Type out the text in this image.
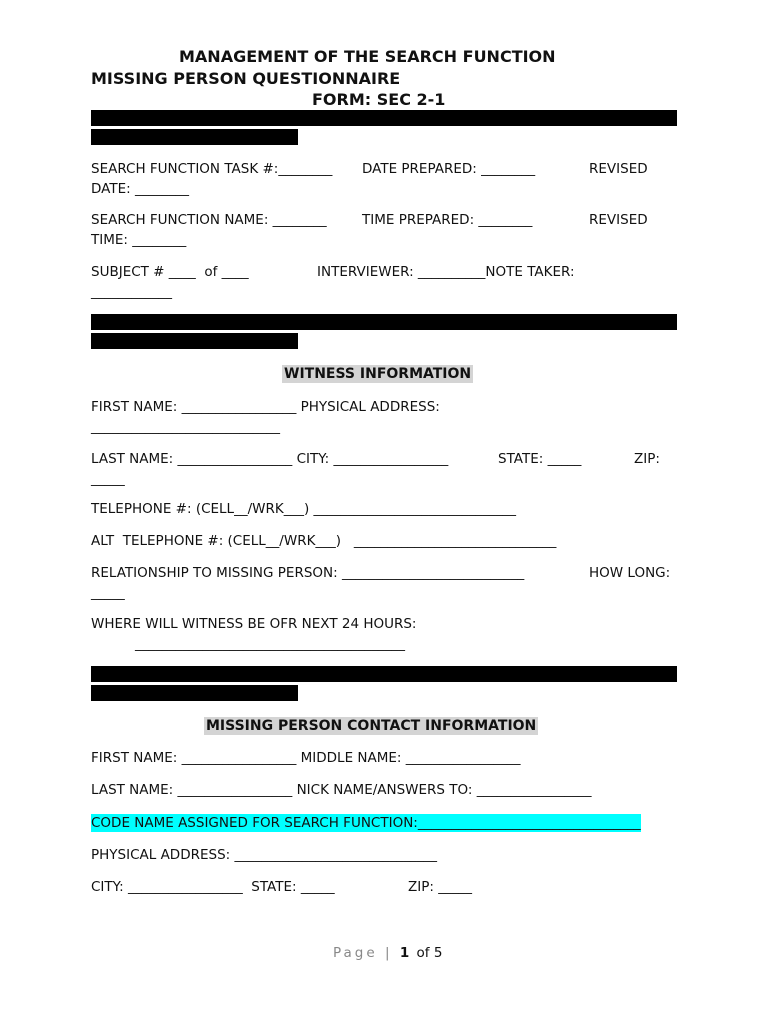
MANAGEMENT OF THE SEARCH FUNCTION
MISSING PERSON QUESTIONNAIRE
FORM: SEC 2-1
SEARCH FUNCTION TASK #:________ DATE PREPARED: ________	REVISED
DATE: ________
SEARCH FUNCTION NAME: ________	TIME PREPARED: ________	REVISED
TIME: ________
SUBJECT # ____  of ____	INTERVIEWER: __________NOTE TAKER:
____________
WITNESS INFORMATION
FIRST NAME: _________________ PHYSICAL ADDRESS:
____________________________
LAST NAME: _________________ CITY: _________________	STATE: _____	ZIP:
_____
TELEPHONE #: (CELL__/WRK___) ______________________________
ALT  TELEPHONE #: (CELL__/WRK___)   ______________________________
RELATIONSHIP TO MISSING PERSON: ___________________________	HOW LONG:
_____
WHERE WILL WITNESS BE OFR NEXT 24 HOURS:
________________________________________
MISSING PERSON CONTACT INFORMATION
FIRST NAME: _________________ MIDDLE NAME: _________________
LAST NAME: _________________ NICK NAME/ANSWERS TO: _________________
CODE NAME ASSIGNED FOR SEARCH FUNCTION:_________________________________
PHYSICAL ADDRESS: ______________________________
CITY: _________________  STATE: _____	ZIP: _____
Page | 1 of 5
